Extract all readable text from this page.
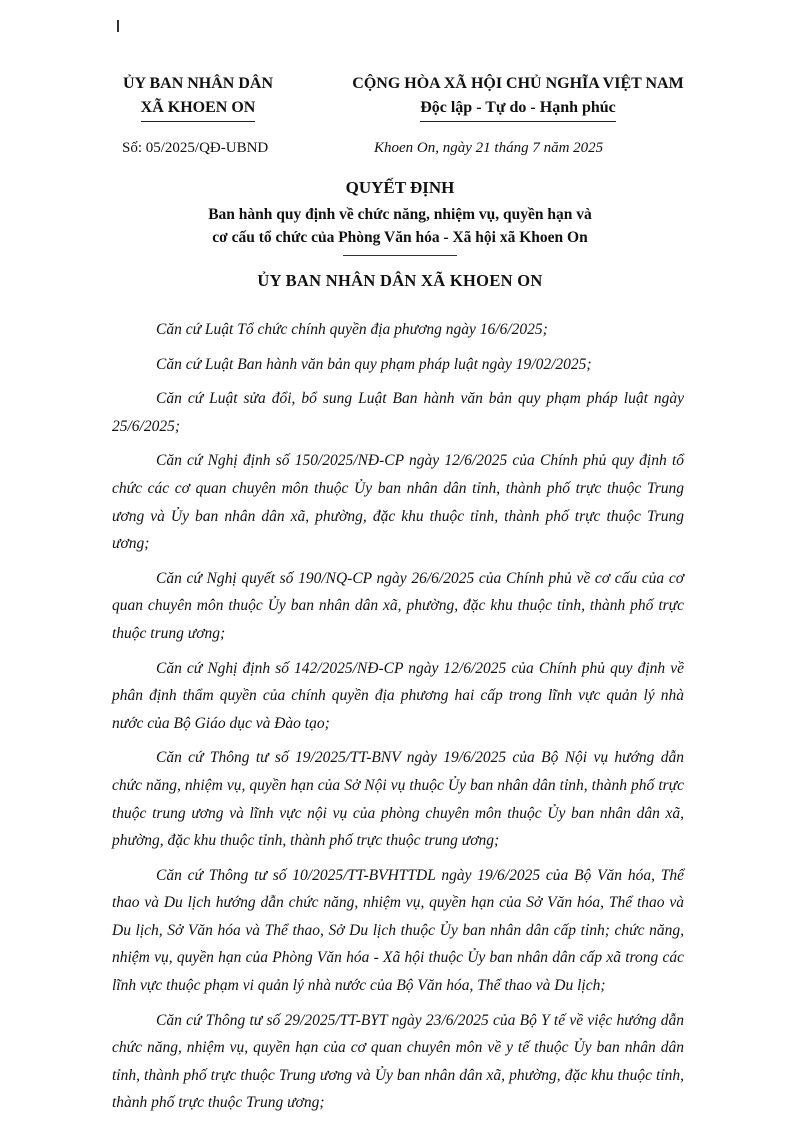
ỦY BAN NHÂN DÂN
XÃ KHOEN ON
CỘNG HÒA XÃ HỘI CHỦ NGHĨA VIỆT NAM
Độc lập - Tự do - Hạnh phúc
Số: 05/2025/QĐ-UBND	Khoen On, ngày 21 tháng 7 năm 2025
QUYẾT ĐỊNH
Ban hành quy định về chức năng, nhiệm vụ, quyền hạn và
cơ cấu tổ chức của Phòng Văn hóa - Xã hội xã Khoen On
ỦY BAN NHÂN DÂN XÃ KHOEN ON

Căn cứ Luật Tổ chức chính quyền địa phương ngày 16/6/2025;

Căn cứ Luật Ban hành văn bản quy phạm pháp luật ngày 19/02/2025;

Căn cứ Luật sửa đổi, bổ sung Luật Ban hành văn bản quy phạm pháp luật ngày 25/6/2025;

Căn cứ Nghị định số 150/2025/NĐ-CP ngày 12/6/2025 của Chính phủ quy định tổ chức các cơ quan chuyên môn thuộc Ủy ban nhân dân tỉnh, thành phố trực thuộc Trung ương và Ủy ban nhân dân xã, phường, đặc khu thuộc tỉnh, thành phố trực thuộc Trung ương;

Căn cứ Nghị quyết số 190/NQ-CP ngày 26/6/2025 của Chính phủ về cơ cấu của cơ quan chuyên môn thuộc Ủy ban nhân dân xã, phường, đặc khu thuộc tỉnh, thành phố trực thuộc trung ương;

Căn cứ Nghị định số 142/2025/NĐ-CP ngày 12/6/2025 của Chính phủ quy định về phân định thẩm quyền của chính quyền địa phương hai cấp trong lĩnh vực quản lý nhà nước của Bộ Giáo dục và Đào tạo;

Căn cứ Thông tư số 19/2025/TT-BNV ngày 19/6/2025 của Bộ Nội vụ hướng dẫn chức năng, nhiệm vụ, quyền hạn của Sở Nội vụ thuộc Ủy ban nhân dân tỉnh, thành phố trực thuộc trung ương và lĩnh vực nội vụ của phòng chuyên môn thuộc Ủy ban nhân dân xã, phường, đặc khu thuộc tỉnh, thành phố trực thuộc trung ương;

Căn cứ Thông tư số 10/2025/TT-BVHTTDL ngày 19/6/2025 của Bộ Văn hóa, Thể thao và Du lịch hướng dẫn chức năng, nhiệm vụ, quyền hạn của Sở Văn hóa, Thể thao và Du lịch, Sở Văn hóa và Thể thao, Sở Du lịch thuộc Ủy ban nhân dân cấp tỉnh; chức năng, nhiệm vụ, quyền hạn của Phòng Văn hóa - Xã hội thuộc Ủy ban nhân dân cấp xã trong các lĩnh vực thuộc phạm vi quản lý nhà nước của Bộ Văn hóa, Thể thao và Du lịch;

Căn cứ Thông tư số 29/2025/TT-BYT ngày 23/6/2025 của Bộ Y tế về việc hướng dẫn chức năng, nhiệm vụ, quyền hạn của cơ quan chuyên môn về y tế thuộc Ủy ban nhân dân tỉnh, thành phố trực thuộc Trung ương và Ủy ban nhân dân xã, phường, đặc khu thuộc tỉnh, thành phố trực thuộc Trung ương;
